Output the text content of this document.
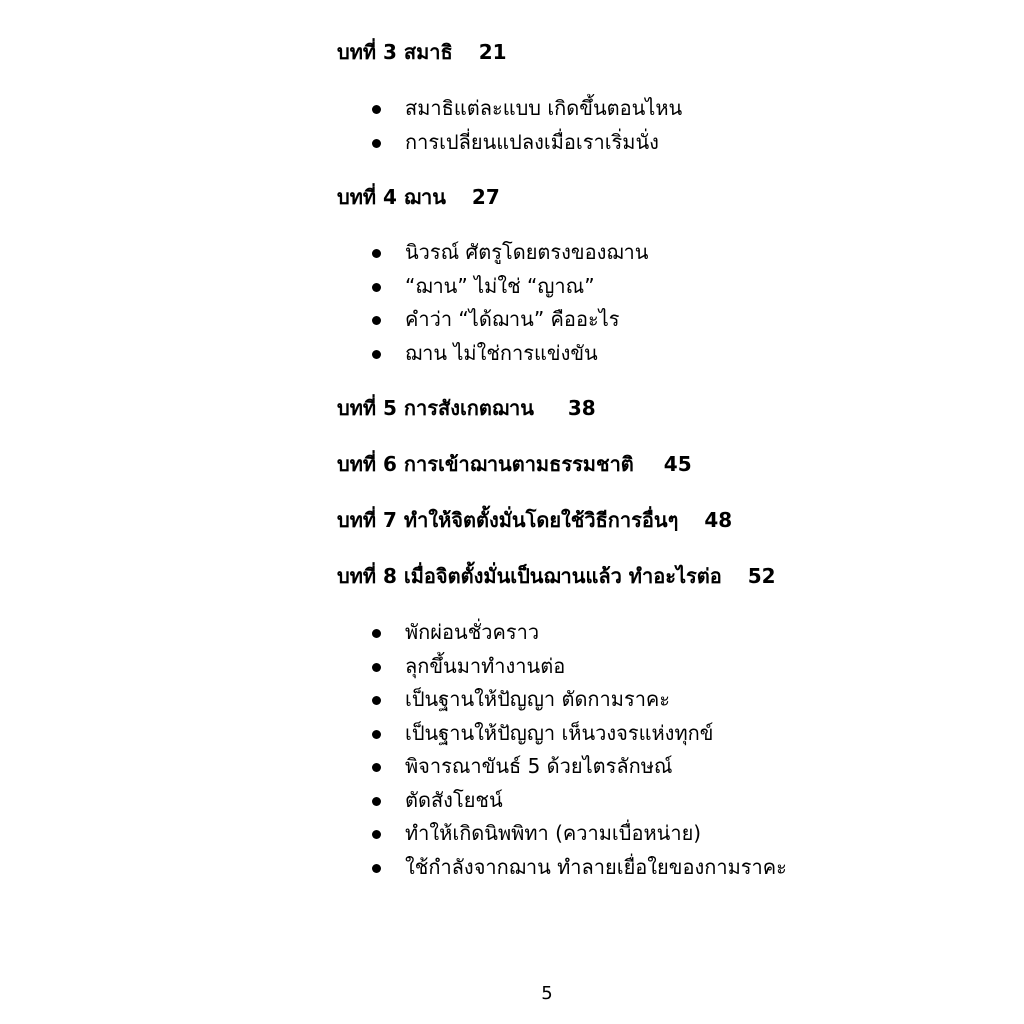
บทที่ 3 สมาธิ 21
สมาธิแต่ละแบบ เกิดขึ้นตอนไหน
การเปลี่ยนแปลงเมื่อเราเริ่มนั่ง
บทที่ 4 ฌาน 27
นิวรณ์ ศัตรูโดยตรงของฌาน
“ฌาน” ไม่ใช่ “ญาณ”
คำว่า “ได้ฌาน” คืออะไร
ฌาน ไม่ใช่การแข่งขัน
บทที่ 5 การสังเกตฌาน 38
บทที่ 6 การเข้าฌานตามธรรมชาติ 45
บทที่ 7 ทำให้จิตตั้งมั่นโดยใช้วิธีการอื่นๆ 48
บทที่ 8 เมื่อจิตตั้งมั่นเป็นฌานแล้ว ทำอะไรต่อ 52
พักผ่อนชั่วคราว
ลุกขึ้นมาทำงานต่อ
เป็นฐานให้ปัญญา ตัดกามราคะ
เป็นฐานให้ปัญญา เห็นวงจรแห่งทุกข์
พิจารณาขันธ์ 5 ด้วยไตรลักษณ์
ตัดสังโยชน์
ทำให้เกิดนิพพิทา (ความเบื่อหน่าย)
ใช้กำลังจากฌาน ทำลายเยื่อใยของกามราคะ
5
